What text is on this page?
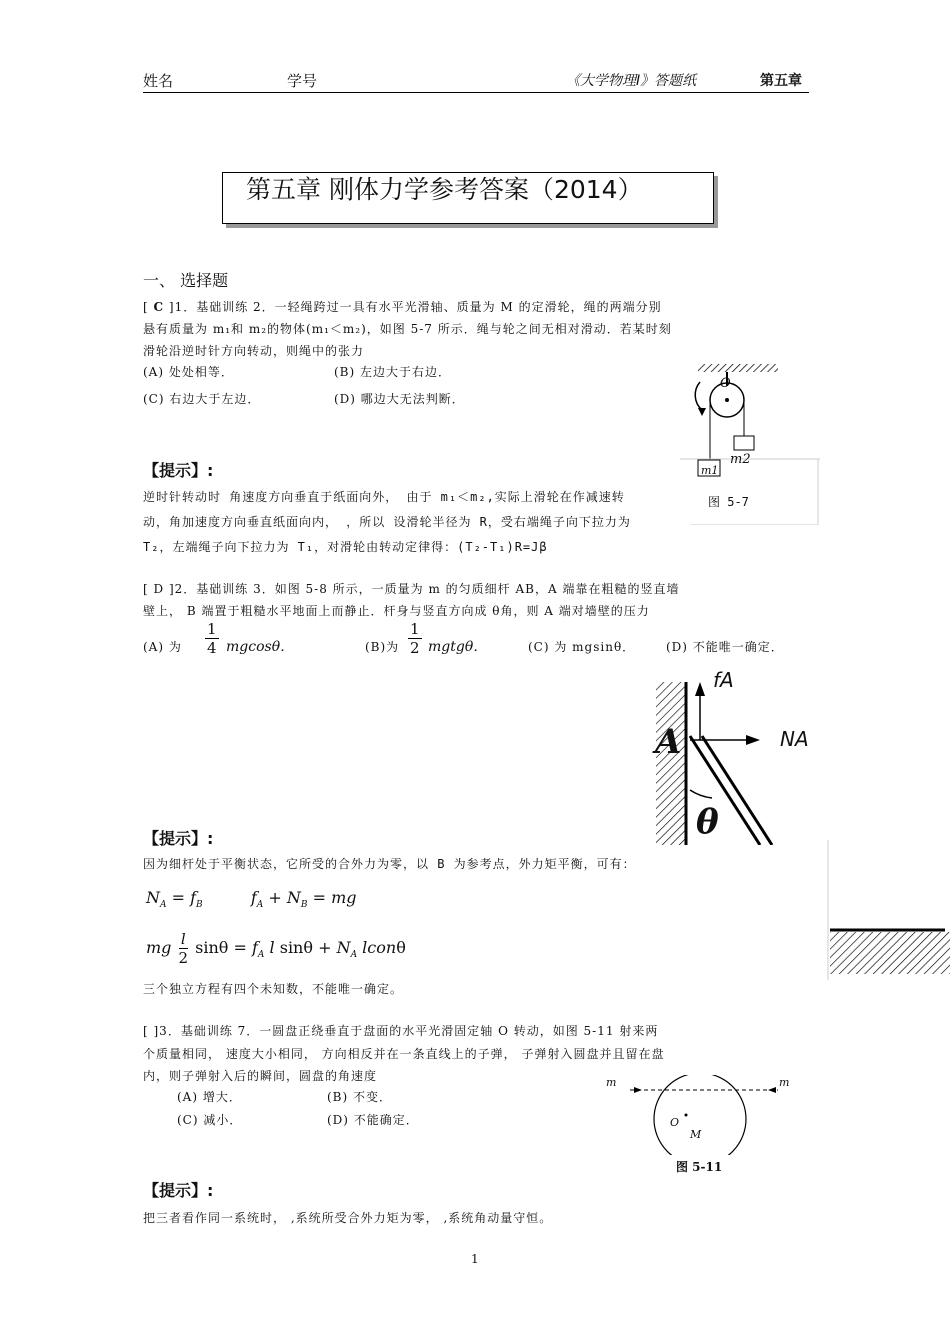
姓名	学号	《大学物理Ⅰ》答题纸	第五章
第五章 刚体力学参考答案（2014）
一、 选择题
[ C ]1．基础训练 2．一轻绳跨过一具有水平光滑轴、质量为 M 的定滑轮，绳的两端分别
悬有质量为 m₁和 m₂的物体(m₁＜m₂)，如图 5-7 所示．绳与轮之间无相对滑动．若某时刻
滑轮沿逆时针方向转动，则绳中的张力
(A) 处处相等．	(B) 左边大于右边．
(C) 右边大于左边．	(D) 哪边大无法判断．
O
m2
m1
图 5-7
【提示】:
逆时针转动时 角速度方向垂直于纸面向外， 由于 m₁＜m₂,实际上滑轮在作减速转
动，角加速度方向垂直纸面向内， ，所以 设滑轮半径为 R，受右端绳子向下拉力为
T₂，左端绳子向下拉力为 T₁，对滑轮由转动定律得：(T₂-T₁)R=Jβ
[ D ]2．基础训练 3．如图 5-8 所示，一质量为 m 的匀质细杆 AB，A 端靠在粗糙的竖直墙
壁上， B 端置于粗糙水平地面上而静止．杆身与竖直方向成 θ角，则 A 端对墙壁的压力
(A) 为 $\frac{1}{4}$ mgcosθ．	(B)为 $\frac{1}{2}$ mgtgθ．	(C) 为 mgsinθ．	(D) 不能唯一确定．
fA
NA
A
θ
【提示】:
因为细杆处于平衡状态，它所受的合外力为零，以 B 为参考点，外力矩平衡，可有：
$N_A = f_B$	$f_A + N_B$ = mg
mg $\frac{l}{2}$ $\sin\theta = f_A$ l $\sin\theta + N_A$ lconθ
三个独立方程有四个未知数，不能唯一确定。
[ ]3．基础训练 7．一圆盘正绕垂直于盘面的水平光滑固定轴 O 转动，如图 5-11 射来两
个质量相同， 速度大小相同， 方向相反并在一条直线上的子弹， 子弹射入圆盘并且留在盘
内，则子弹射入后的瞬间，圆盘的角速度
(A) 增大．	(B) 不变．
(C) 减小．	(D) 不能确定．
m	m
O
M
图 5-11
【提示】:
把三者看作同一系统时， ,系统所受合外力矩为零， ,系统角动量守恒。
1
